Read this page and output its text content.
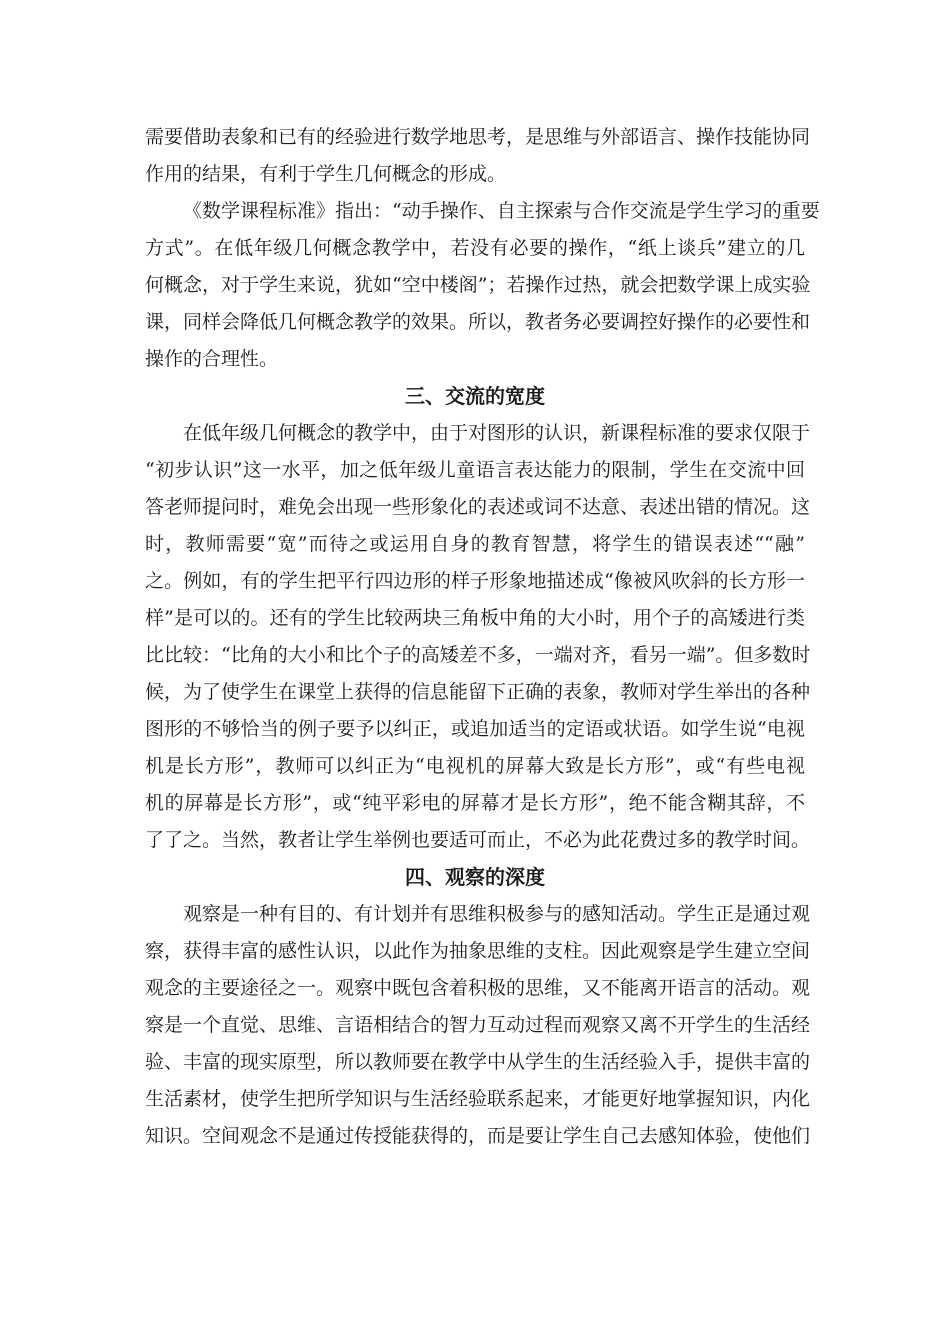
需要借助表象和已有的经验进行数学地思考，是思维与外部语言、操作技能协同
作用的结果，有利于学生几何概念的形成。
《数学课程标准》指出：“动手操作、自主探索与合作交流是学生学习的重要
方式”。在低年级几何概念教学中，若没有必要的操作，“纸上谈兵”建立的几
何概念，对于学生来说，犹如“空中楼阁”；若操作过热，就会把数学课上成实验
课，同样会降低几何概念教学的效果。所以，教者务必要调控好操作的必要性和
操作的合理性。
三、交流的宽度
在低年级几何概念的教学中，由于对图形的认识，新课程标准的要求仅限于
“初步认识”这一水平，加之低年级儿童语言表达能力的限制，学生在交流中回
答老师提问时，难免会出现一些形象化的表述或词不达意、表述出错的情况。这
时，教师需要“宽”而待之或运用自身的教育智慧，将学生的错误表述““融”
之。例如，有的学生把平行四边形的样子形象地描述成“像被风吹斜的长方形一
样”是可以的。还有的学生比较两块三角板中角的大小时，用个子的高矮进行类
比比较：“比角的大小和比个子的高矮差不多，一端对齐，看另一端”。但多数时
候，为了使学生在课堂上获得的信息能留下正确的表象，教师对学生举出的各种
图形的不够恰当的例子要予以纠正，或追加适当的定语或状语。如学生说“电视
机是长方形”，教师可以纠正为“电视机的屏幕大致是长方形”，或“有些电视
机的屏幕是长方形”，或“纯平彩电的屏幕才是长方形”，绝不能含糊其辞，不
了了之。当然，教者让学生举例也要适可而止，不必为此花费过多的教学时间。
四、观察的深度
观察是一种有目的、有计划并有思维积极参与的感知活动。学生正是通过观
察，获得丰富的感性认识，以此作为抽象思维的支柱。因此观察是学生建立空间
观念的主要途径之一。观察中既包含着积极的思维，又不能离开语言的活动。观
察是一个直觉、思维、言语相结合的智力互动过程而观察又离不开学生的生活经
验、丰富的现实原型，所以教师要在教学中从学生的生活经验入手，提供丰富的
生活素材，使学生把所学知识与生活经验联系起来，才能更好地掌握知识，内化
知识。空间观念不是通过传授能获得的，而是要让学生自己去感知体验，使他们
